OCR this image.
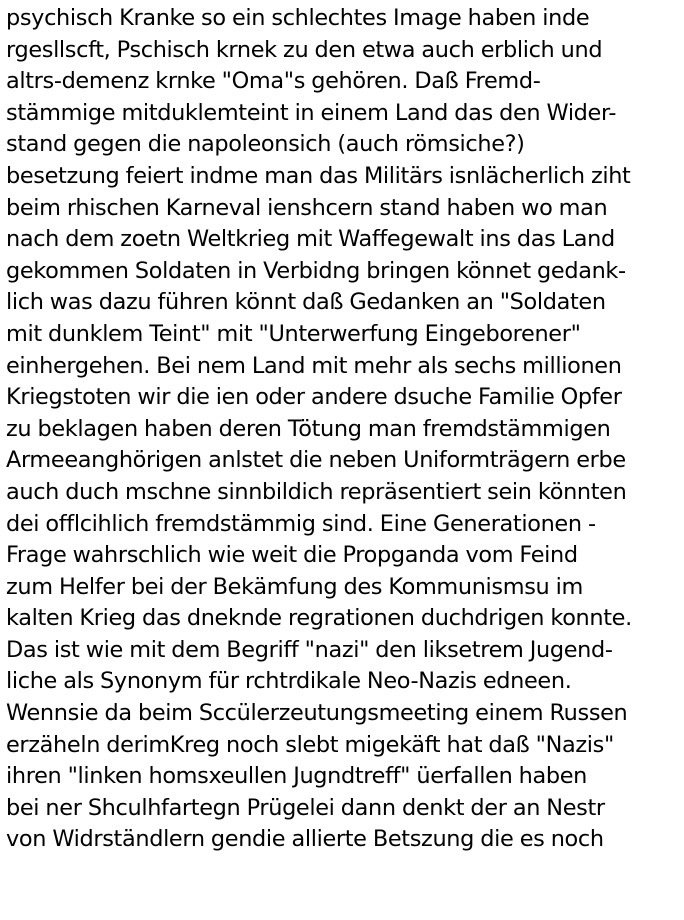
psychisch Kranke so ein schlechtes Image haben inde
rgesllscft, Pschisch krnek zu den etwa auch erblich und
altrs-demenz krnke "Oma"s gehören. Daß Fremd-
stämmige mitduklemteint in einem Land das den Wider-
stand gegen die napoleonsich (auch römsiche?)
besetzung feiert indme man das Militärs isnlächerlich ziht
beim rhischen Karneval ienshcern stand haben wo man
nach dem zoetn Weltkrieg mit Waffegewalt ins das Land
gekommen Soldaten in Verbidng bringen könnet gedank-
lich was dazu führen könnt daß Gedanken an "Soldaten
mit dunklem Teint" mit "Unterwerfung Eingeborener"
einhergehen. Bei nem Land mit mehr als sechs millionen
Kriegstoten wir die ien oder andere dsuche Familie Opfer
zu beklagen haben deren Tötung man fremdstämmigen
Armeeanghörigen anlstet die neben Uniformträgern erbe
auch duch mschne sinnbildich repräsentiert sein könnten
dei offlcihlich fremdstämmig sind. Eine Generationen -
Frage wahrschlich wie weit die Propganda vom Feind
zum Helfer bei der Bekämfung des Kommunismsu im
kalten Krieg das dneknde regrationen duchdrigen konnte.
Das ist wie mit dem Begriff "nazi" den liksetrem Jugend-
liche als Synonym für rchtrdikale Neo-Nazis edneen.
Wennsie da beim Sccülerzeutungsmeeting einem Russen
erzäheln derimKreg noch slebt migekäft hat daß "Nazis"
ihren "linken homsxeullen Jugndtreff" üerfallen haben
bei ner Shculhfartegn Prügelei dann denkt der an Nestr
von Widrständlern gendie allierte Betszung die es noch
